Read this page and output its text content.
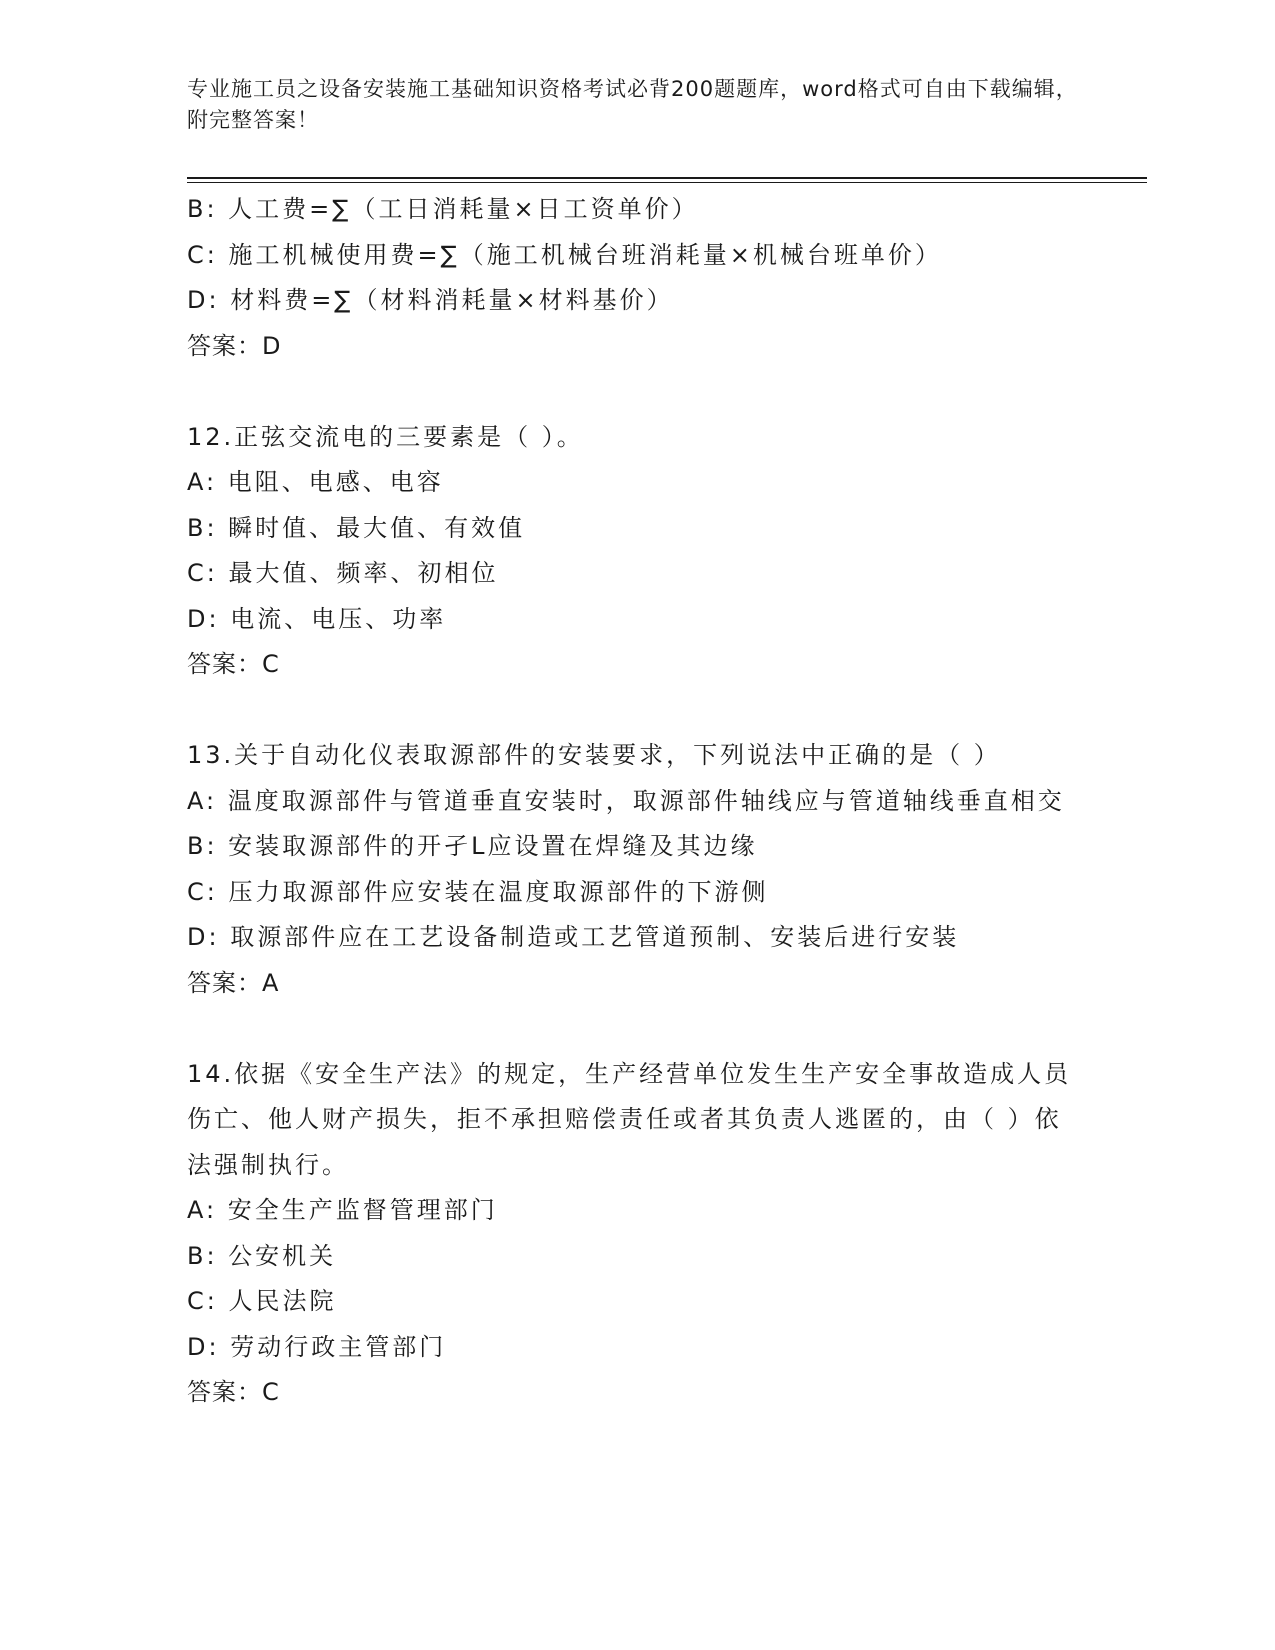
专业施工员之设备安装施工基础知识资格考试必背200题题库，word格式可自由下载编辑，附完整答案！
B: 人工费=∑（工日消耗量×日工资单价）
C: 施工机械使用费=∑（施工机械台班消耗量×机械台班单价）
D: 材料费=∑（材料消耗量×材料基价）
答案：D
12.正弦交流电的三要素是（ ）。
A: 电阻、电感、电容
B: 瞬时值、最大值、有效值
C: 最大值、频率、初相位
D: 电流、电压、功率
答案：C
13.关于自动化仪表取源部件的安装要求，下列说法中正确的是（ ）
A: 温度取源部件与管道垂直安装时，取源部件轴线应与管道轴线垂直相交
B: 安装取源部件的开孑L应设置在焊缝及其边缘
C: 压力取源部件应安装在温度取源部件的下游侧
D: 取源部件应在工艺设备制造或工艺管道预制、安装后进行安装
答案：A
14.依据《安全生产法》的规定，生产经营单位发生生产安全事故造成人员伤亡、他人财产损失，拒不承担赔偿责任或者其负责人逃匿的，由（ ）依法强制执行。
A: 安全生产监督管理部门
B: 公安机关
C: 人民法院
D: 劳动行政主管部门
答案：C
